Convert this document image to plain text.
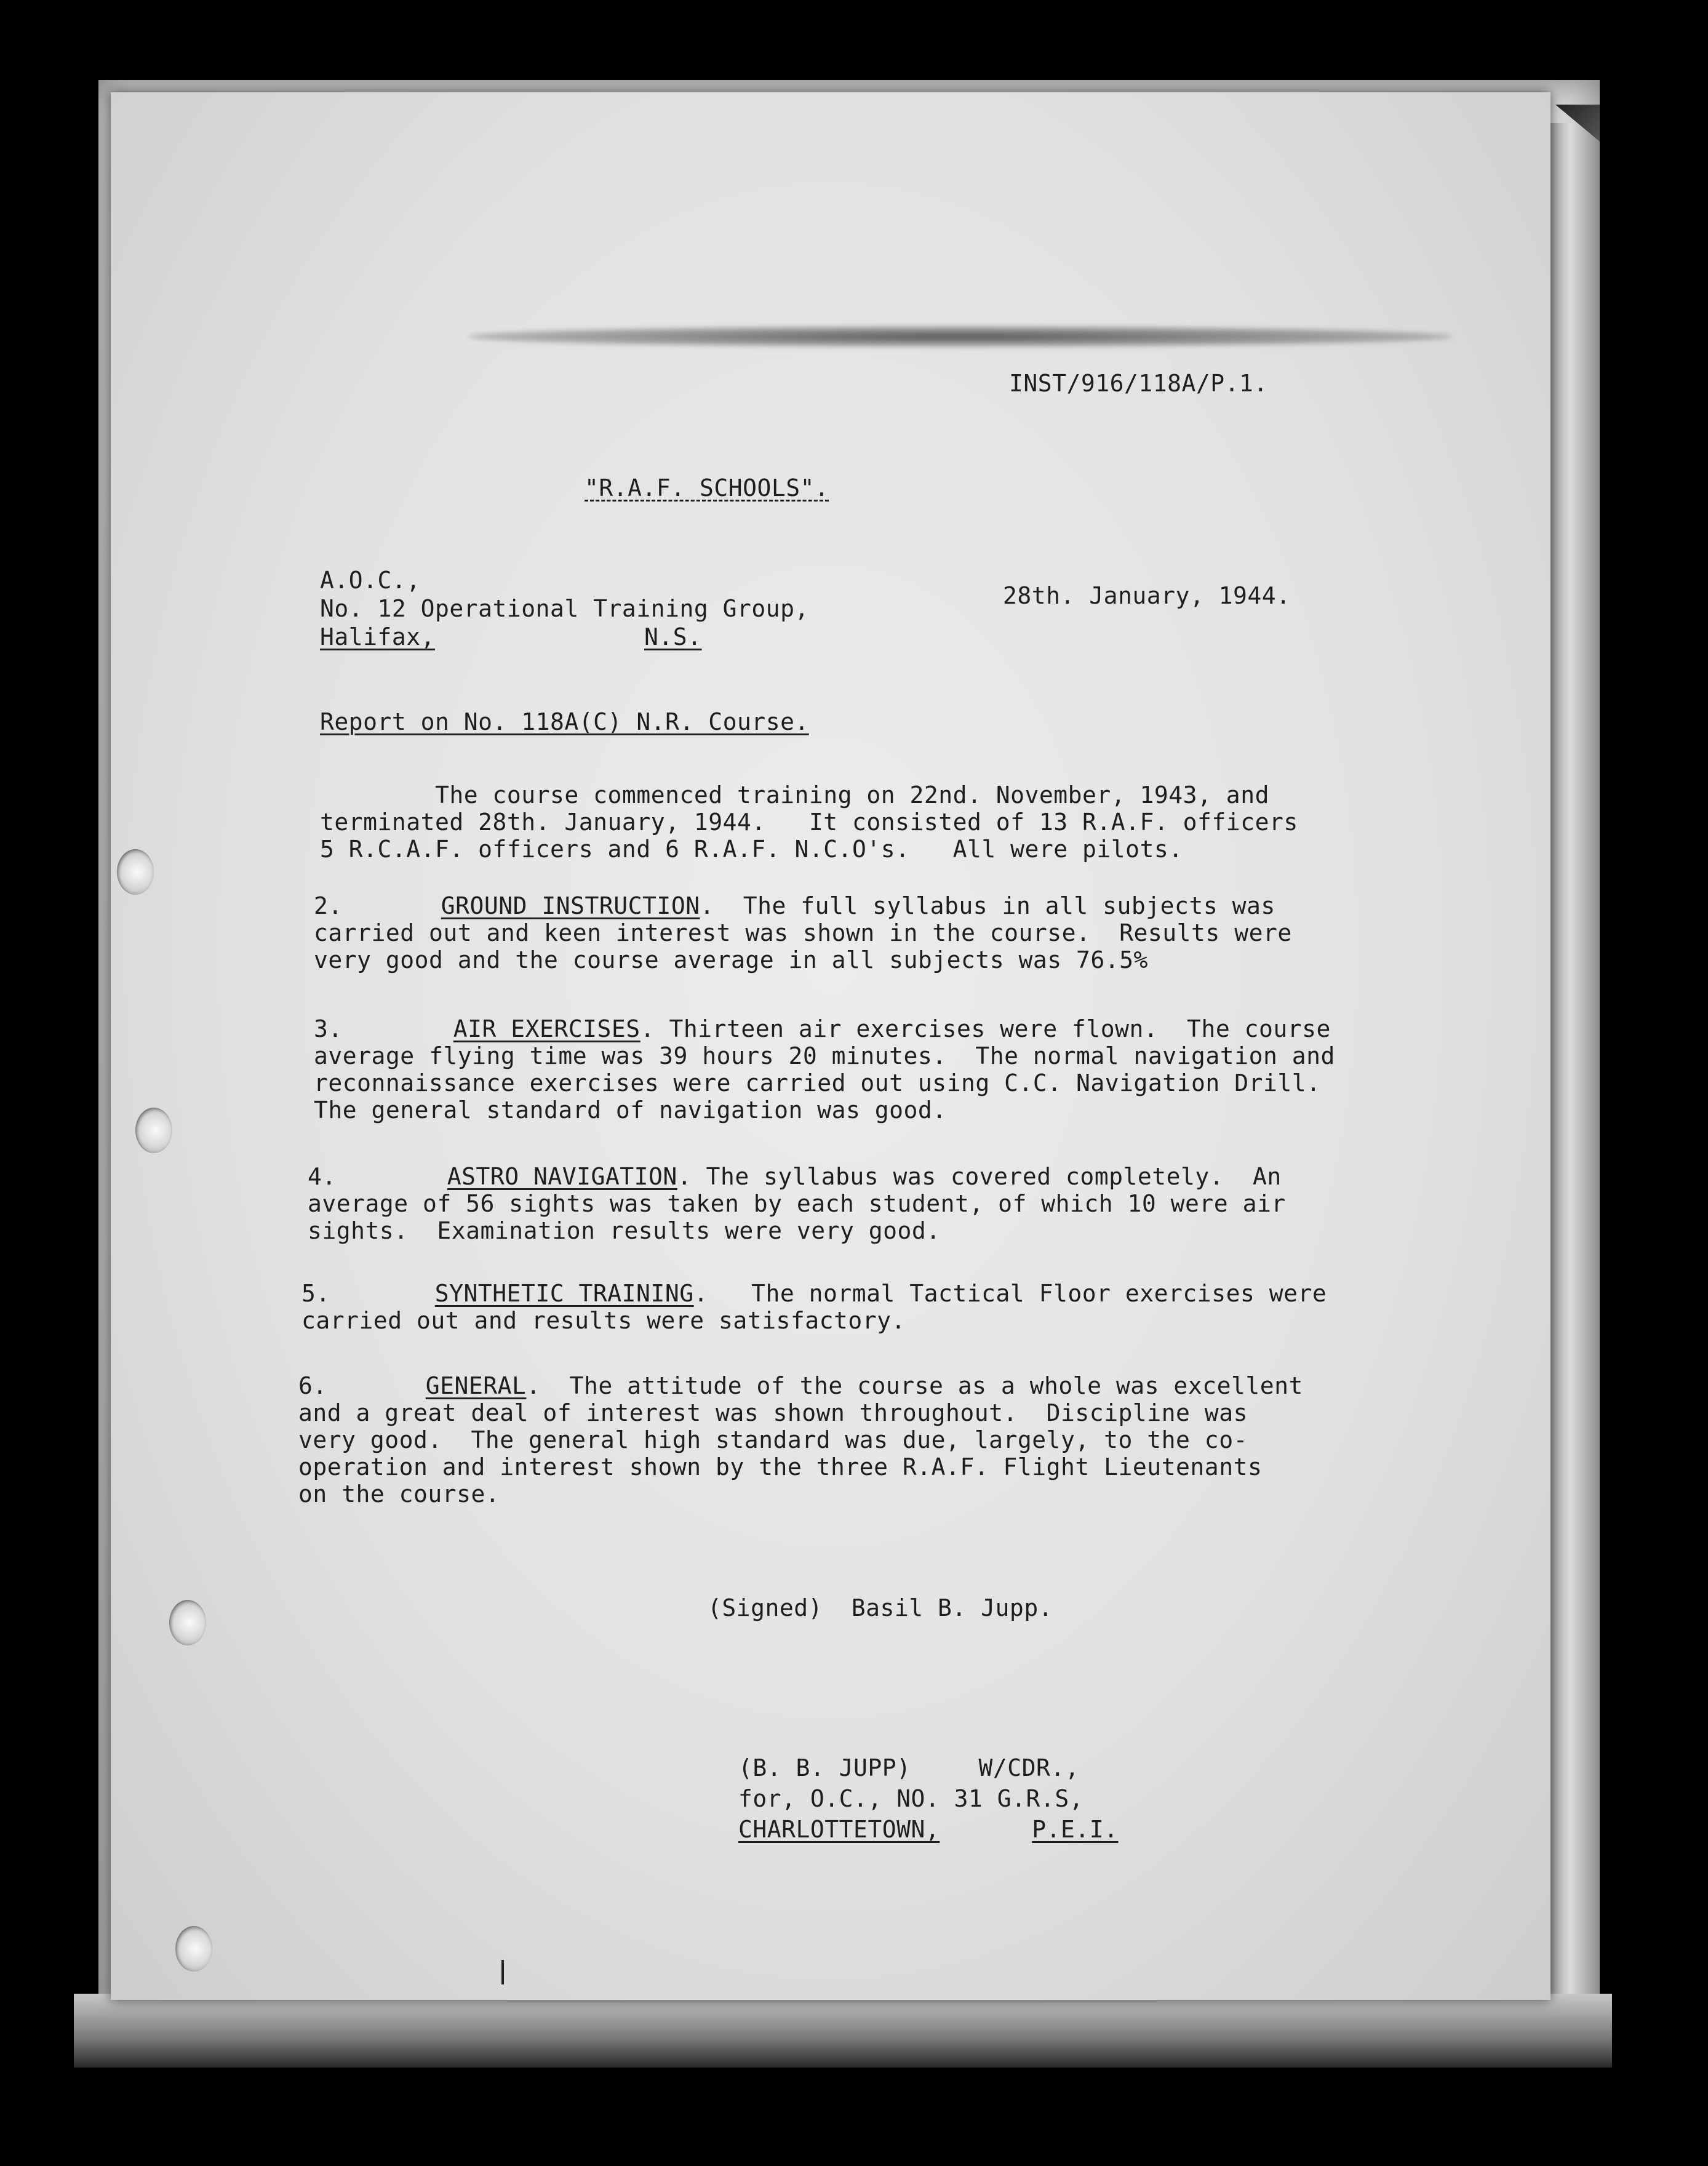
INST/916/118A/P.1.
"R.A.F. SCHOOLS".
A.O.C.,
No. 12 Operational Training Group,
Halifax,	N.S.
28th. January, 1944.
Report on No. 118A(C) N.R. Course.
The course commenced training on 22nd. November, 1943, and
terminated 28th. January, 1944.   It consisted of 13 R.A.F. officers
5 R.C.A.F. officers and 6 R.A.F. N.C.O's.   All were pilots.
2.	GROUND INSTRUCTION.  The full syllabus in all subjects was
carried out and keen interest was shown in the course.  Results were
very good and the course average in all subjects was 76.5%
3.	AIR EXERCISES. Thirteen air exercises were flown.  The course
average flying time was 39 hours 20 minutes.  The normal navigation and
reconnaissance exercises were carried out using C.C. Navigation Drill.
The general standard of navigation was good.
4.	ASTRO NAVIGATION. The syllabus was covered completely.  An
average of 56 sights was taken by each student, of which 10 were air
sights.  Examination results were very good.
5.	SYNTHETIC TRAINING.   The normal Tactical Floor exercises were
carried out and results were satisfactory.
6.	GENERAL.  The attitude of the course as a whole was excellent
and a great deal of interest was shown throughout.  Discipline was
very good.  The general high standard was due, largely, to the co-
operation and interest shown by the three R.A.F. Flight Lieutenants
on the course.
(Signed)  Basil B. Jupp.
(B. B. JUPP)	W/CDR.,
for, O.C., NO. 31 G.R.S,
CHARLOTTETOWN,	P.E.I.
